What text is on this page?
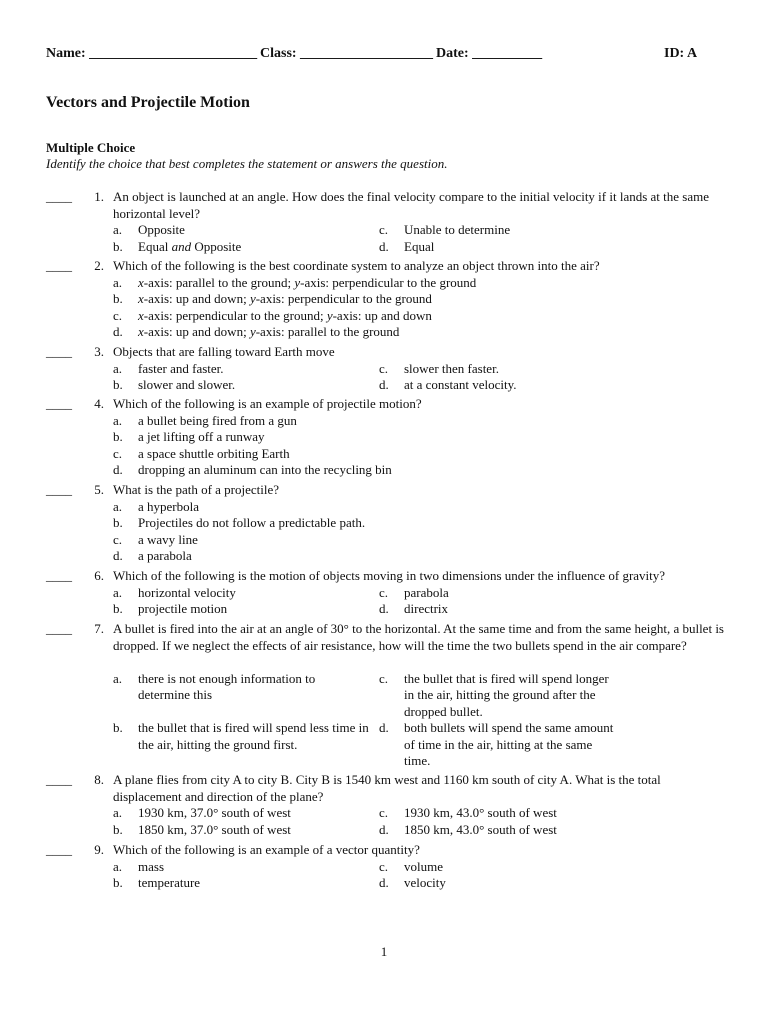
Name: ________________________ Class: ___________________ Date: __________	ID: A
Vectors and Projectile Motion
Multiple Choice
Identify the choice that best completes the statement or answers the question.
____	1. An object is launched at an angle. How does the final velocity compare to the initial velocity if it lands at the same horizontal level?
a. Opposite
b. Equal and Opposite
c. Unable to determine
d. Equal
____	2. Which of the following is the best coordinate system to analyze an object thrown into the air?
a. x-axis: parallel to the ground; y-axis: perpendicular to the ground
b. x-axis: up and down; y-axis: perpendicular to the ground
c. x-axis: perpendicular to the ground; y-axis: up and down
d. x-axis: up and down; y-axis: parallel to the ground
____	3. Objects that are falling toward Earth move
a. faster and faster.
b. slower and slower.
c. slower then faster.
d. at a constant velocity.
____	4. Which of the following is an example of projectile motion?
a. a bullet being fired from a gun
b. a jet lifting off a runway
c. a space shuttle orbiting Earth
d. dropping an aluminum can into the recycling bin
____	5. What is the path of a projectile?
a. a hyperbola
b. Projectiles do not follow a predictable path.
c. a wavy line
d. a parabola
____	6. Which of the following is the motion of objects moving in two dimensions under the influence of gravity?
a. horizontal velocity
b. projectile motion
c. parabola
d. directrix
____	7. A bullet is fired into the air at an angle of 30° to the horizontal. At the same time and from the same height, a bullet is dropped. If we neglect the effects of air resistance, how will the time the two bullets spend in the air compare?
a. there is not enough information to determine this
b. the bullet that is fired will spend less time in the air, hitting the ground first.
c. the bullet that is fired will spend longer in the air, hitting the ground after the dropped bullet.
d. both bullets will spend the same amount of time in the air, hitting at the same time.
____	8. A plane flies from city A to city B. City B is 1540 km west and 1160 km south of city A. What is the total displacement and direction of the plane?
a. 1930 km, 37.0° south of west
b. 1850 km, 37.0° south of west
c. 1930 km, 43.0° south of west
d. 1850 km, 43.0° south of west
____	9. Which of the following is an example of a vector quantity?
a. mass
b. temperature
c. volume
d. velocity
1
